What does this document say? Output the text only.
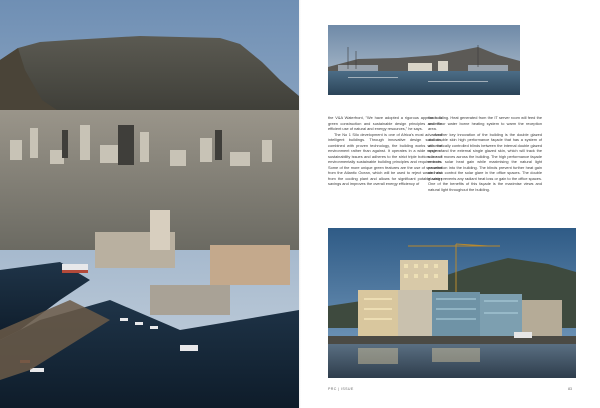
the V&A Waterfront, "We have adopted a rigorous approach to green construction and sustainable design principles and the efficient use of natural and energy resources," he says.

The No 1 Silo development is one of Africa's most advanced intelligent buildings. Through innovative design solutions, combined with proven technology, the building works with the environment rather than against. It operates in a wide range of sustainability issues and adheres to the strict triple bottom line of environmentally sustainable building principles and requirements. Some of the more unique green features are the use of seawater from the Atlantic Ocean, which will be used to reject waste heat from the cooling plant and allows for significant potable water savings and improves the overall energy efficiency of

the building. Heat generated from the IT server room will feed the underfloor water borne heating system to warm the reception area.

Another key innovation of the building is the double glazed and double skin high performance façade that has a system of automatically controlled blinds between the internal double glazed system and the external single glazed skin, which will track the sun as it moves across the building. The high performance façade reduces solar heat gain while maximising the natural light penetration into the building. The blinds prevent further heat gain and also control the solar glare in the office spaces. The double glazing prevents any radiant heat loss or gain to the office spaces. One of the benefits of this façade is the maximise views and natural light throughout the building.

PRC | ISSUE	83
